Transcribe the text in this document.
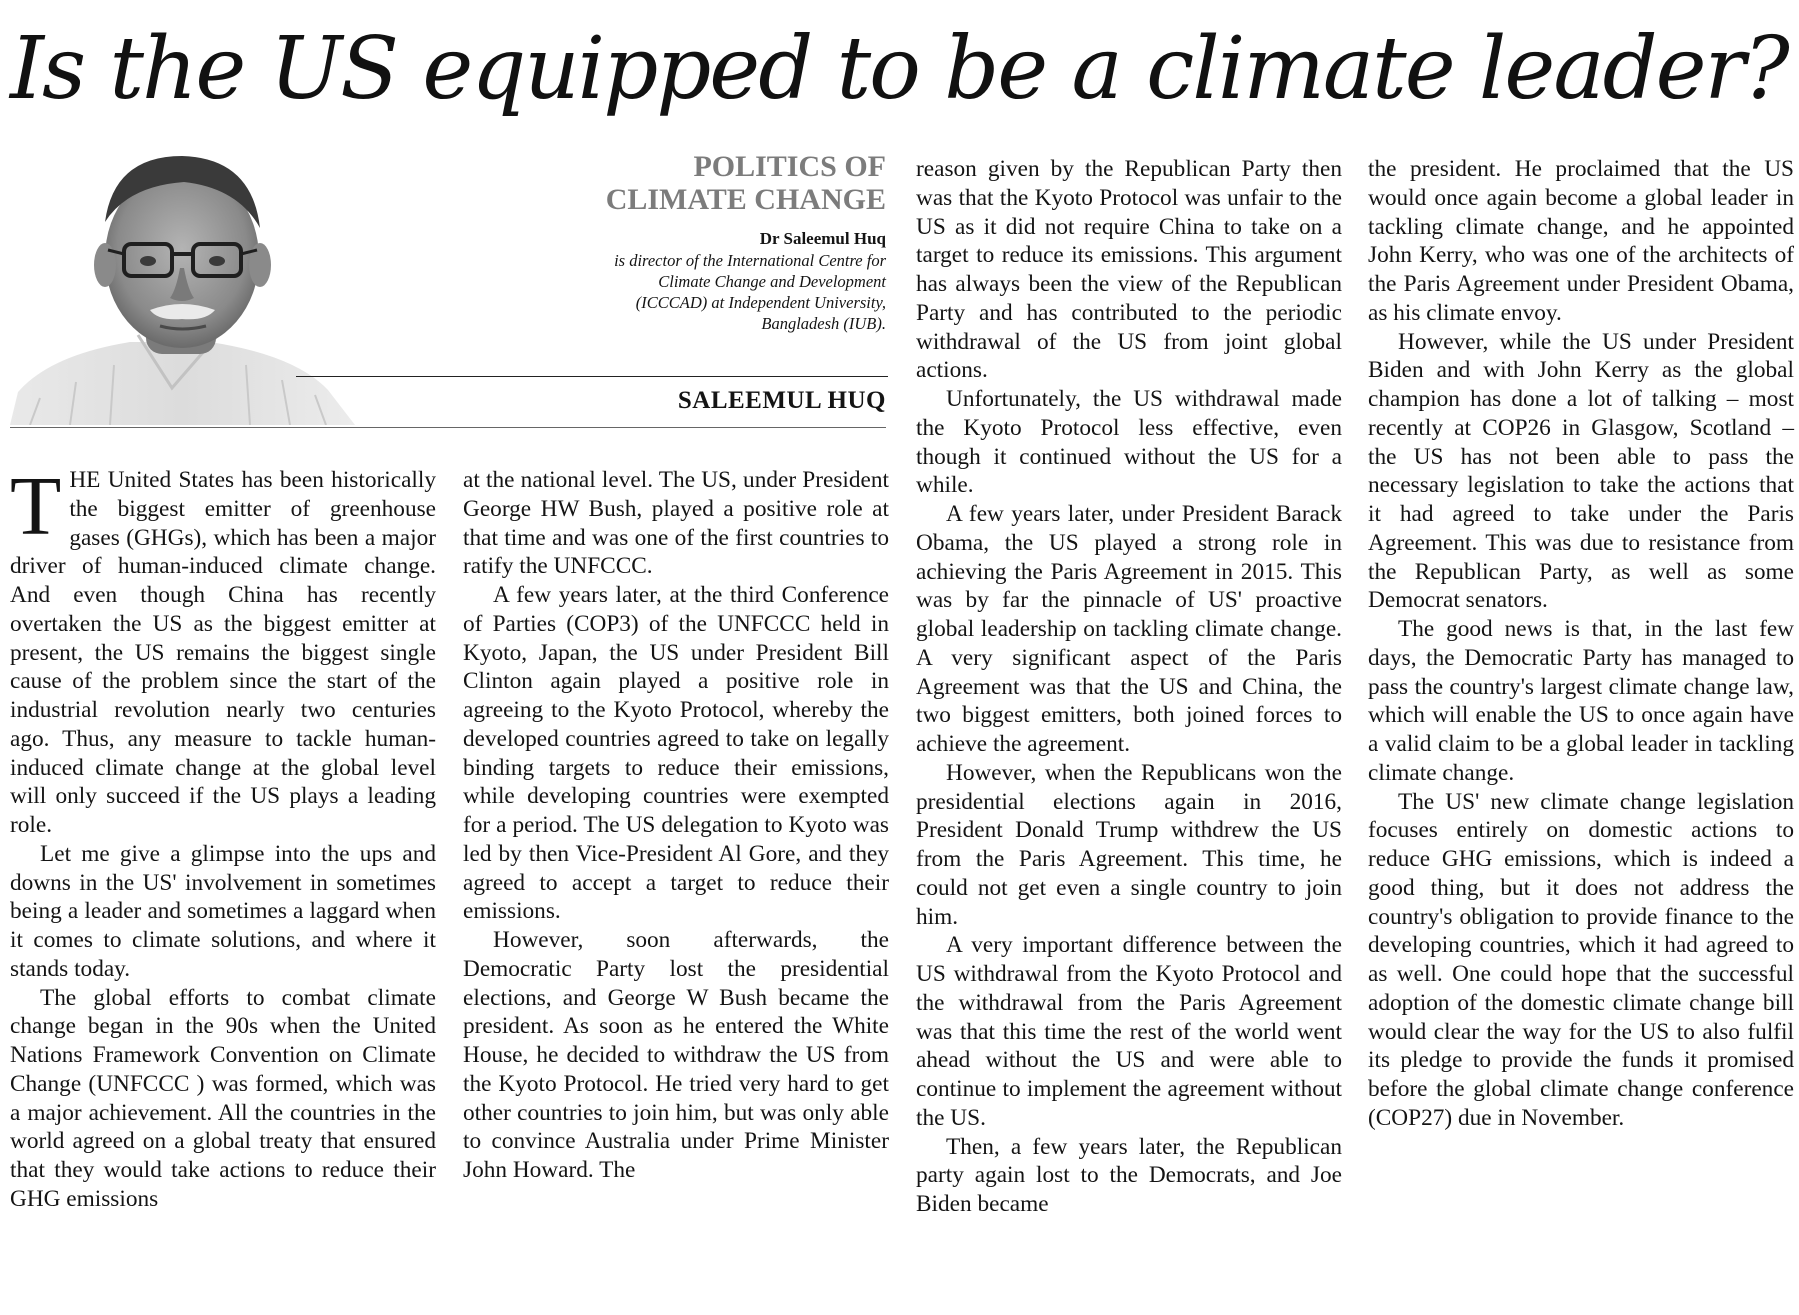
Is the US equipped to be a climate leader?
POLITICS OF CLIMATE CHANGE
Dr Saleemul Huq
is director of the International Centre for Climate Change and Development (ICCCAD) at Independent University, Bangladesh (IUB).
SALEEMUL HUQ

THE United States has been historically the biggest emitter of greenhouse gases (GHGs), which has been a major driver of human-induced climate change. And even though China has recently overtaken the US as the biggest emitter at present, the US remains the biggest single cause of the problem since the start of the industrial revolution nearly two centuries ago. Thus, any measure to tackle human-induced climate change at the global level will only succeed if the US plays a leading role.

Let me give a glimpse into the ups and downs in the US' involvement in sometimes being a leader and sometimes a laggard when it comes to climate solutions, and where it stands today.

The global efforts to combat climate change began in the 90s when the United Nations Framework Convention on Climate Change (UNFCCC ) was formed, which was a major achievement. All the countries in the world agreed on a global treaty that ensured that they would take actions to reduce their GHG emissions

at the national level. The US, under President George HW Bush, played a positive role at that time and was one of the first countries to ratify the UNFCCC.

A few years later, at the third Conference of Parties (COP3) of the UNFCCC held in Kyoto, Japan, the US under President Bill Clinton again played a positive role in agreeing to the Kyoto Protocol, whereby the developed countries agreed to take on legally binding targets to reduce their emissions, while developing countries were exempted for a period. The US delegation to Kyoto was led by then Vice-President Al Gore, and they agreed to accept a target to reduce their emissions.

However, soon afterwards, the Democratic Party lost the presidential elections, and George W Bush became the president. As soon as he entered the White House, he decided to withdraw the US from the Kyoto Protocol. He tried very hard to get other countries to join him, but was only able to convince Australia under Prime Minister John Howard. The

reason given by the Republican Party then was that the Kyoto Protocol was unfair to the US as it did not require China to take on a target to reduce its emissions. This argument has always been the view of the Republican Party and has contributed to the periodic withdrawal of the US from joint global actions.

Unfortunately, the US withdrawal made the Kyoto Protocol less effective, even though it continued without the US for a while.

A few years later, under President Barack Obama, the US played a strong role in achieving the Paris Agreement in 2015. This was by far the pinnacle of US' proactive global leadership on tackling climate change. A very significant aspect of the Paris Agreement was that the US and China, the two biggest emitters, both joined forces to achieve the agreement.

However, when the Republicans won the presidential elections again in 2016, President Donald Trump withdrew the US from the Paris Agreement. This time, he could not get even a single country to join him.

A very important difference between the US withdrawal from the Kyoto Protocol and the withdrawal from the Paris Agreement was that this time the rest of the world went ahead without the US and were able to continue to implement the agreement without the US.

Then, a few years later, the Republican party again lost to the Democrats, and Joe Biden became

the president. He proclaimed that the US would once again become a global leader in tackling climate change, and he appointed John Kerry, who was one of the architects of the Paris Agreement under President Obama, as his climate envoy.

However, while the US under President Biden and with John Kerry as the global champion has done a lot of talking – most recently at COP26 in Glasgow, Scotland – the US has not been able to pass the necessary legislation to take the actions that it had agreed to take under the Paris Agreement. This was due to resistance from the Republican Party, as well as some Democrat senators.

The good news is that, in the last few days, the Democratic Party has managed to pass the country's largest climate change law, which will enable the US to once again have a valid claim to be a global leader in tackling climate change.

The US' new climate change legislation focuses entirely on domestic actions to reduce GHG emissions, which is indeed a good thing, but it does not address the country's obligation to provide finance to the developing countries, which it had agreed to as well. One could hope that the successful adoption of the domestic climate change bill would clear the way for the US to also fulfil its pledge to provide the funds it promised before the global climate change conference (COP27) due in November.
